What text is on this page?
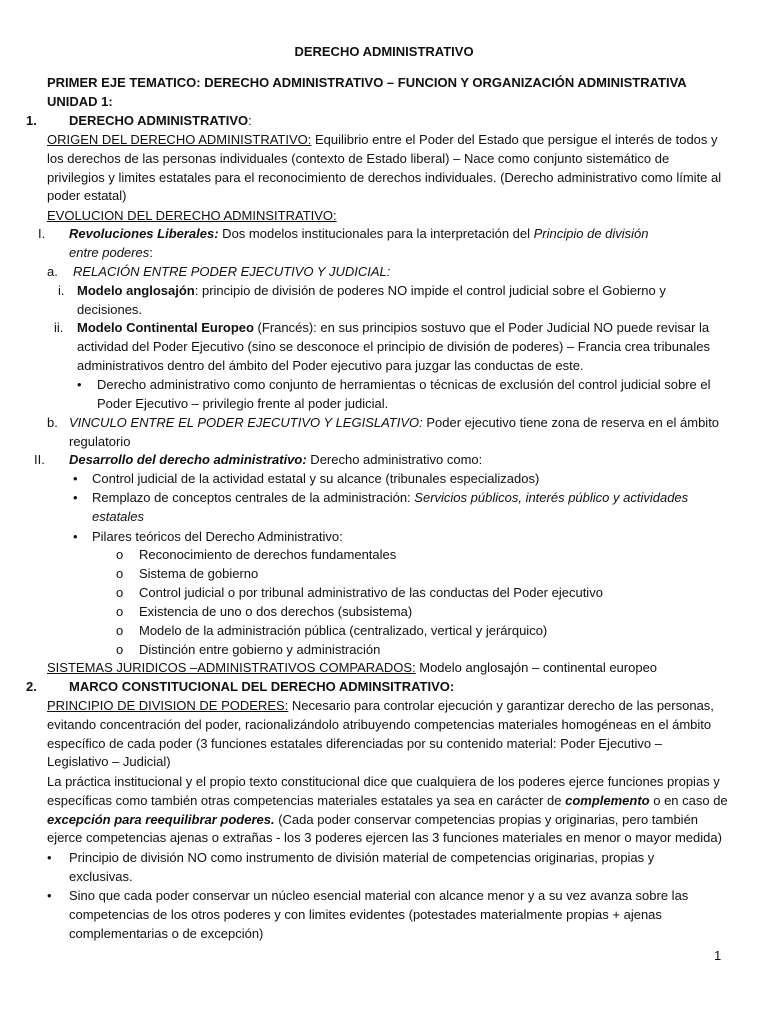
DERECHO ADMINISTRATIVO
PRIMER EJE TEMATICO: DERECHO ADMINISTRATIVO – FUNCION Y ORGANIZACIÓN ADMINISTRATIVA
UNIDAD 1:
1. DERECHO ADMINISTRATIVO:
ORIGEN DEL DERECHO ADMINISTRATIVO: Equilibrio entre el Poder del Estado que persigue el interés de todos y los derechos de las personas individuales (contexto de Estado liberal) – Nace como conjunto sistemático de privilegios y limites estatales para el reconocimiento de derechos individuales. (Derecho administrativo como límite al poder estatal)
EVOLUCION DEL DERECHO ADMINSITRATIVO:
I. Revoluciones Liberales: Dos modelos institucionales para la interpretación del Principio de división entre poderes:
a. RELACIÓN ENTRE PODER EJECUTIVO Y JUDICIAL:
i. Modelo anglosajón: principio de división de poderes NO impide el control judicial sobre el Gobierno y decisiones.
ii. Modelo Continental Europeo (Francés): en sus principios sostuvo que el Poder Judicial NO puede revisar la actividad del Poder Ejecutivo (sino se desconoce el principio de división de poderes) – Francia crea tribunales administrativos dentro del ámbito del Poder ejecutivo para juzgar las conductas de este.
• Derecho administrativo como conjunto de herramientas o técnicas de exclusión del control judicial sobre el Poder Ejecutivo – privilegio frente al poder judicial.
b. VINCULO ENTRE EL PODER EJECUTIVO Y LEGISLATIVO: Poder ejecutivo tiene zona de reserva en el ámbito regulatorio
II. Desarrollo del derecho administrativo: Derecho administrativo como:
• Control judicial de la actividad estatal y su alcance (tribunales especializados)
• Remplazo de conceptos centrales de la administración: Servicios públicos, interés público y actividades estatales
• Pilares teóricos del Derecho Administrativo:
o Reconocimiento de derechos fundamentales
o Sistema de gobierno
o Control judicial o por tribunal administrativo de las conductas del Poder ejecutivo
o Existencia de uno o dos derechos (subsistema)
o Modelo de la administración pública (centralizado, vertical y jerárquico)
o Distinción entre gobierno y administración
SISTEMAS JURIDICOS –ADMINISTRATIVOS COMPARADOS: Modelo anglosajón – continental europeo
2. MARCO CONSTITUCIONAL DEL DERECHO ADMINSITRATIVO:
PRINCIPIO DE DIVISION DE PODERES: Necesario para controlar ejecución y garantizar derecho de las personas, evitando concentración del poder, racionalizándolo atribuyendo competencias materiales homogéneas en el ámbito específico de cada poder (3 funciones estatales diferenciadas por su contenido material: Poder Ejecutivo – Legislativo – Judicial)
La práctica institucional y el propio texto constitucional dice que cualquiera de los poderes ejerce funciones propias y específicas como también otras competencias materiales estatales ya sea en carácter de complemento o en caso de excepción para reequilibrar poderes. (Cada poder conservar competencias propias y originarias, pero también ejerce competencias ajenas o extrañas - los 3 poderes ejercen las 3 funciones materiales en menor o mayor medida)
• Principio de división NO como instrumento de división material de competencias originarias, propias y exclusivas.
• Sino que cada poder conservar un núcleo esencial material con alcance menor y a su vez avanza sobre las competencias de los otros poderes y con limites evidentes (potestades materialmente propias + ajenas complementarias o de excepción)
1
